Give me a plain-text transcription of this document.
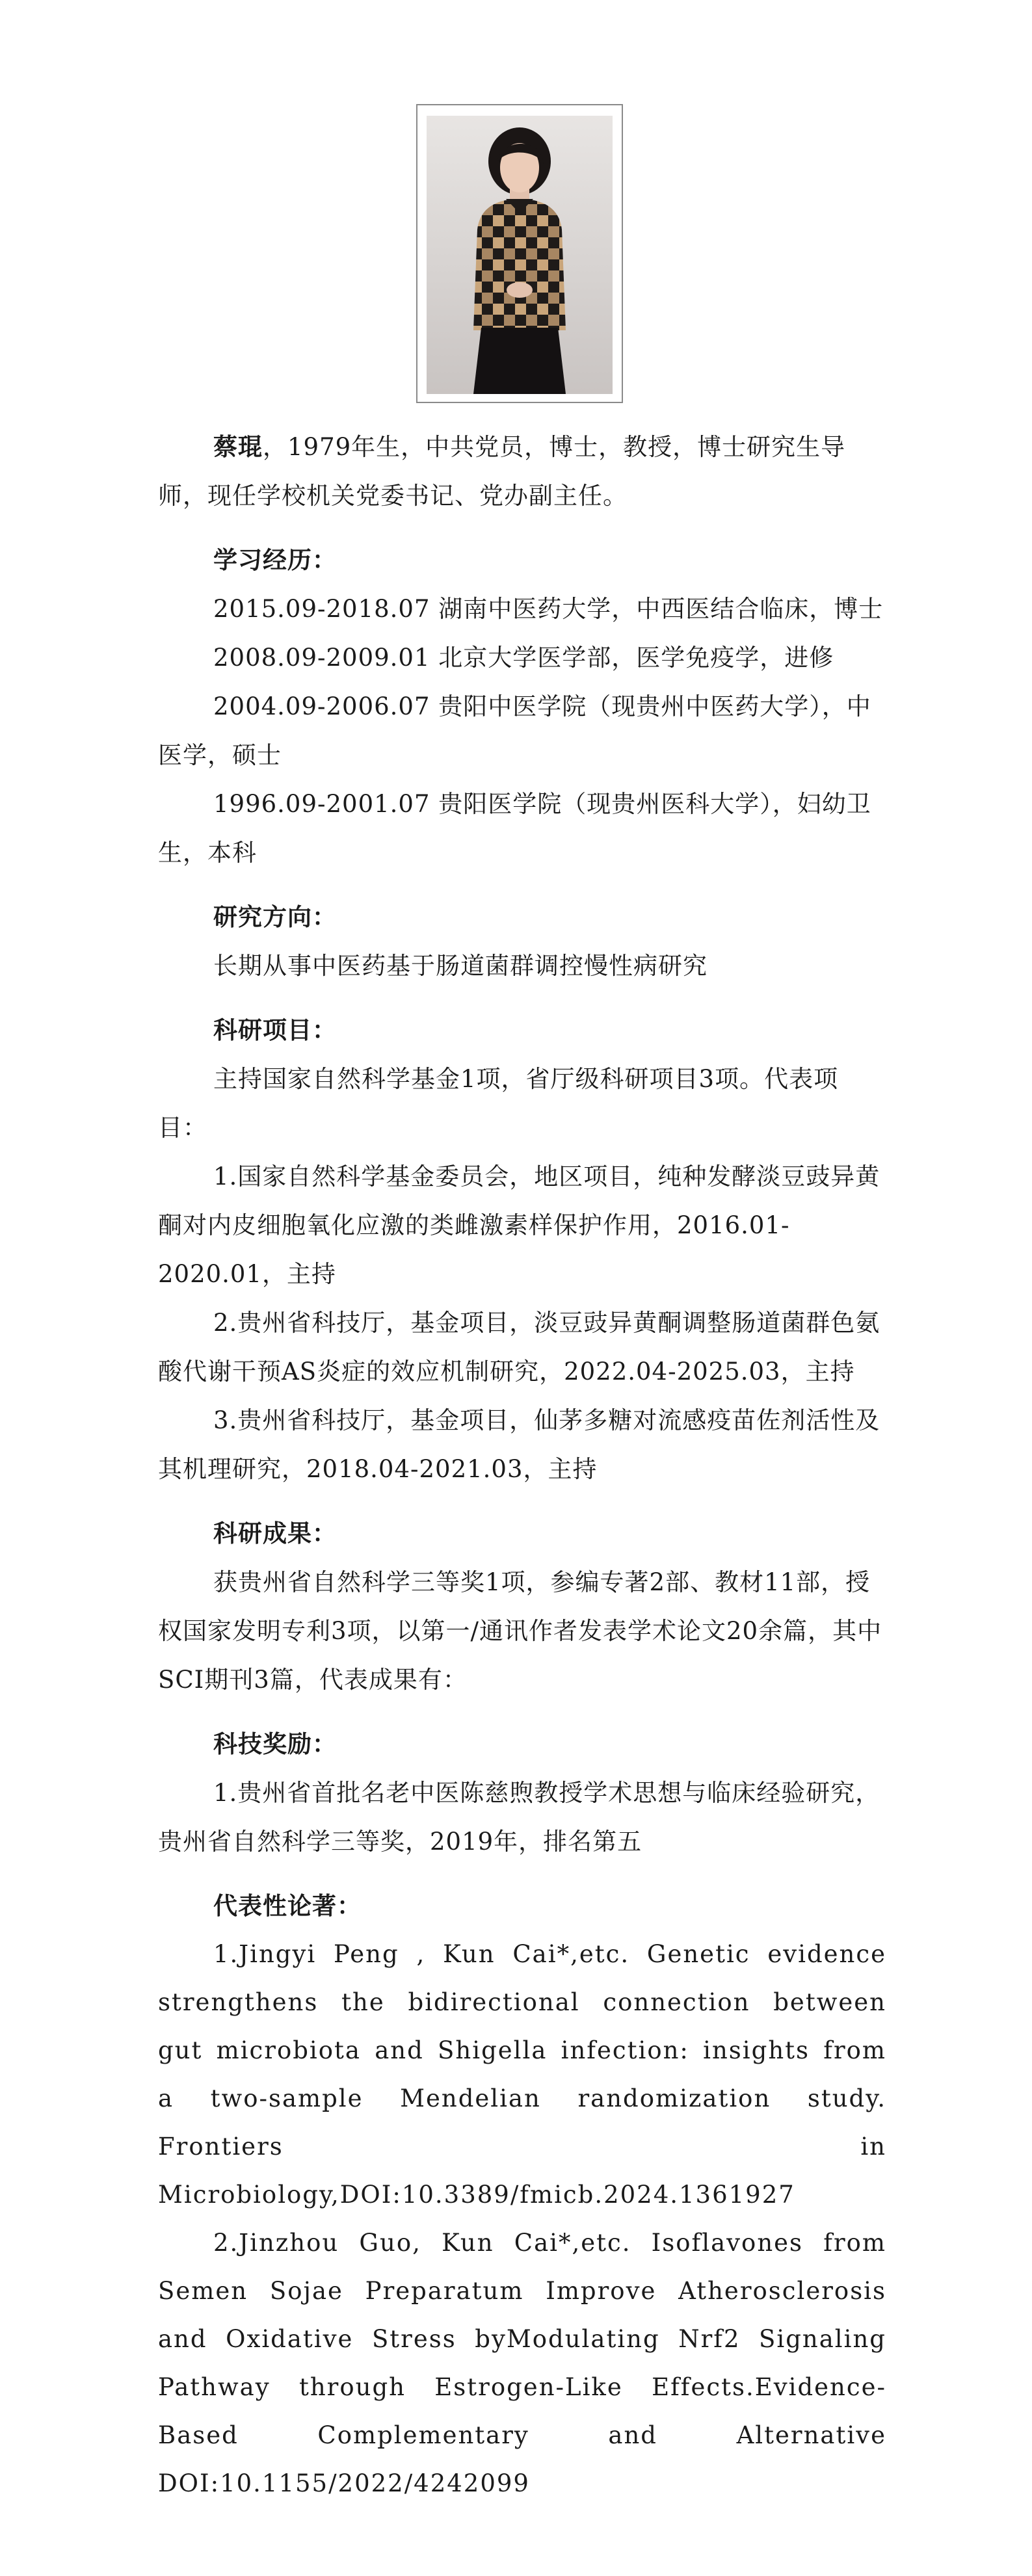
蔡琨，1979年生，中共党员，博士，教授，博士研究生导师，现任学校机关党委书记、党办副主任。

学习经历：

2015.09-2018.07 湖南中医药大学，中西医结合临床，博士

2008.09-2009.01 北京大学医学部，医学免疫学，进修

2004.09-2006.07 贵阳中医学院（现贵州中医药大学），中医学，硕士

1996.09-2001.07 贵阳医学院（现贵州医科大学），妇幼卫生，本科

研究方向：

长期从事中医药基于肠道菌群调控慢性病研究

科研项目：

主持国家自然科学基金1项，省厅级科研项目3项。代表项目：

1.国家自然科学基金委员会，地区项目，纯种发酵淡豆豉异黄酮对内皮细胞氧化应激的类雌激素样保护作用，2016.01-2020.01，主持

2.贵州省科技厅，基金项目，淡豆豉异黄酮调整肠道菌群色氨酸代谢干预AS炎症的效应机制研究，2022.04-2025.03，主持

3.贵州省科技厅，基金项目，仙茅多糖对流感疫苗佐剂活性及其机理研究，2018.04-2021.03，主持

科研成果：

获贵州省自然科学三等奖1项，参编专著2部、教材11部，授权国家发明专利3项，以第一/通讯作者发表学术论文20余篇，其中SCI期刊3篇，代表成果有：

科技奖励：

1.贵州省首批名老中医陈慈煦教授学术思想与临床经验研究，贵州省自然科学三等奖，2019年，排名第五

代表性论著：

1.Jingyi Peng , Kun Cai*,etc. Genetic evidence strengthens the bidirectional connection between gut microbiota and Shigella infection: insights from a two-sample Mendelian randomization study. Frontiers in Microbiology,DOI:10.3389/fmicb.2024.1361927

2.Jinzhou Guo, Kun Cai*,etc. Isoflavones from Semen Sojae Preparatum Improve Atherosclerosis and Oxidative Stress byModulating Nrf2 Signaling Pathway through Estrogen-Like Effects.Evidence-Based Complementary and Alternative DOI:10.1155/2022/4242099
